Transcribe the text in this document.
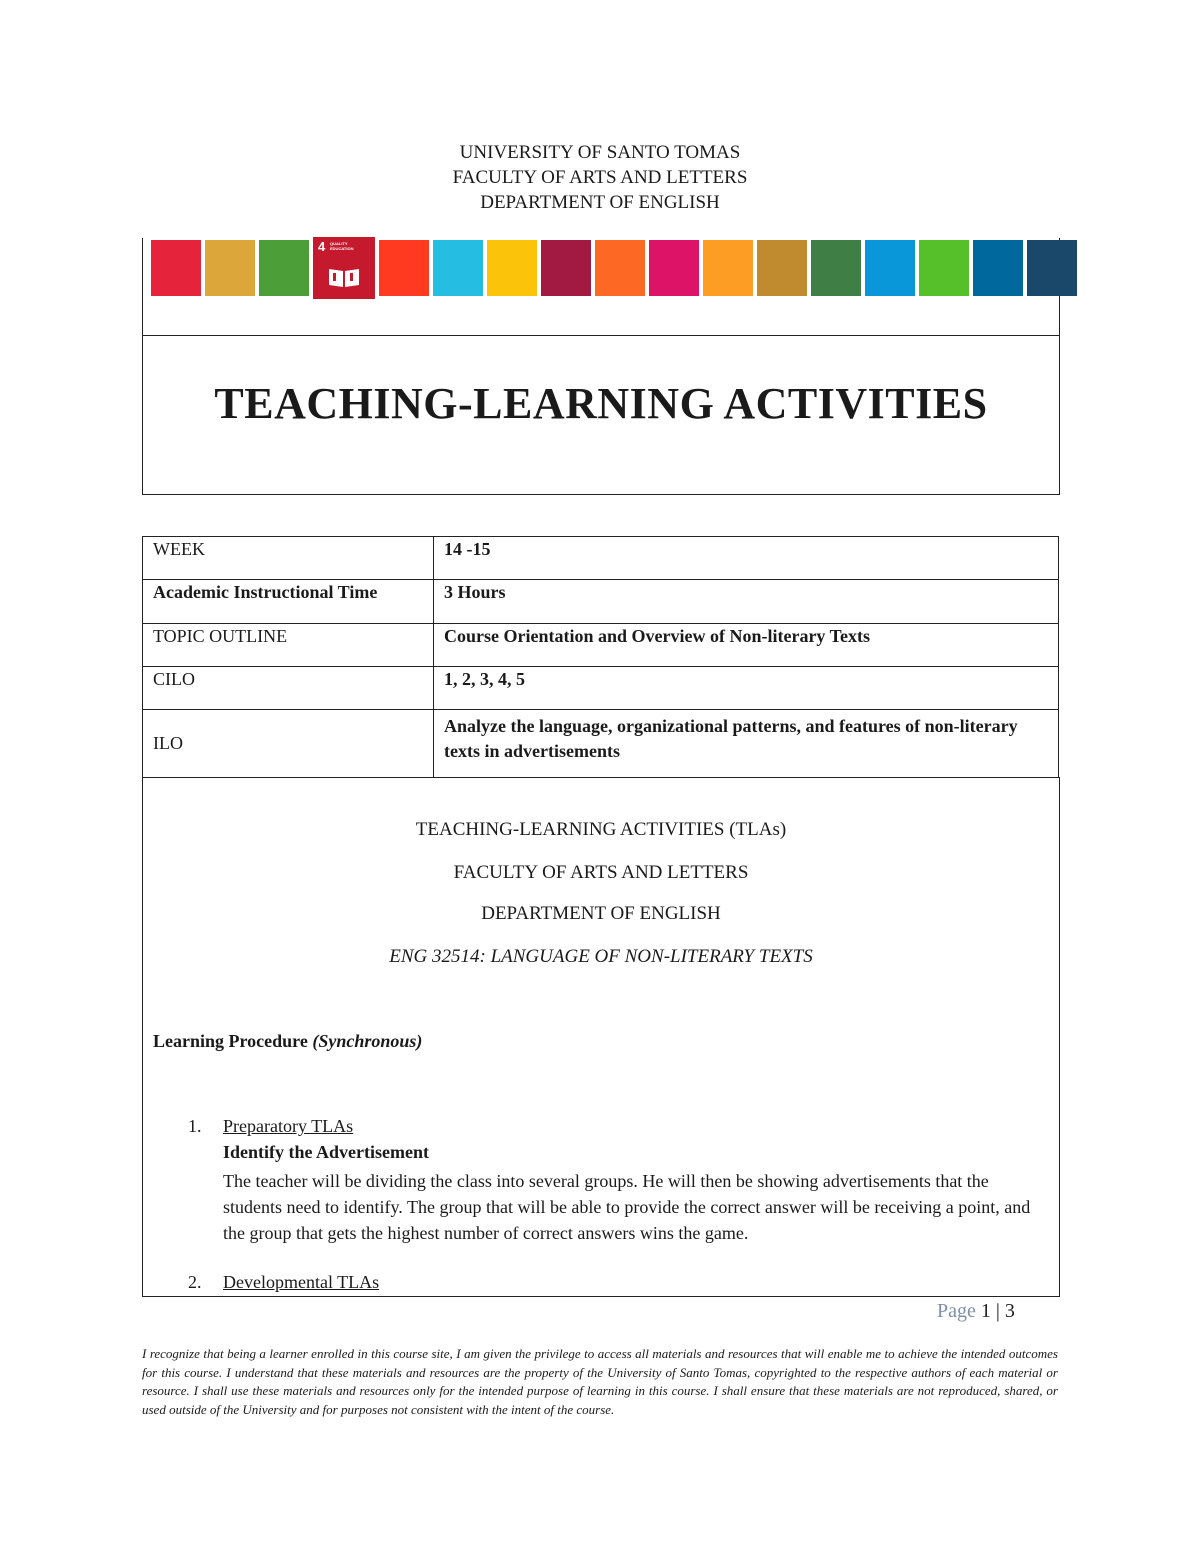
UNIVERSITY OF SANTO TOMAS
FACULTY OF ARTS AND LETTERS
DEPARTMENT OF ENGLISH
4 QUALITY EDUCATION
TEACHING-LEARNING ACTIVITIES
WEEK	14 -15
Academic Instructional Time	3 Hours
TOPIC OUTLINE	Course Orientation and Overview of Non-literary Texts
CILO	1, 2, 3, 4, 5
ILO	Analyze the language, organizational patterns, and features of non-literary texts in advertisements
TEACHING-LEARNING ACTIVITIES (TLAs)
FACULTY OF ARTS AND LETTERS
DEPARTMENT OF ENGLISH
ENG 32514: LANGUAGE OF NON-LITERARY TEXTS
Learning Procedure (Synchronous)
1. Preparatory TLAs
Identify the Advertisement
The teacher will be dividing the class into several groups. He will then be showing advertisements that the students need to identify. The group that will be able to provide the correct answer will be receiving a point, and the group that gets the highest number of correct answers wins the game.
2. Developmental TLAs
Page 1 | 3
I recognize that being a learner enrolled in this course site, I am given the privilege to access all materials and resources that will enable me to achieve the intended outcomes for this course. I understand that these materials and resources are the property of the University of Santo Tomas, copyrighted to the respective authors of each material or resource. I shall use these materials and resources only for the intended purpose of learning in this course. I shall ensure that these materials are not reproduced, shared, or used outside of the University and for purposes not consistent with the intent of the course.
